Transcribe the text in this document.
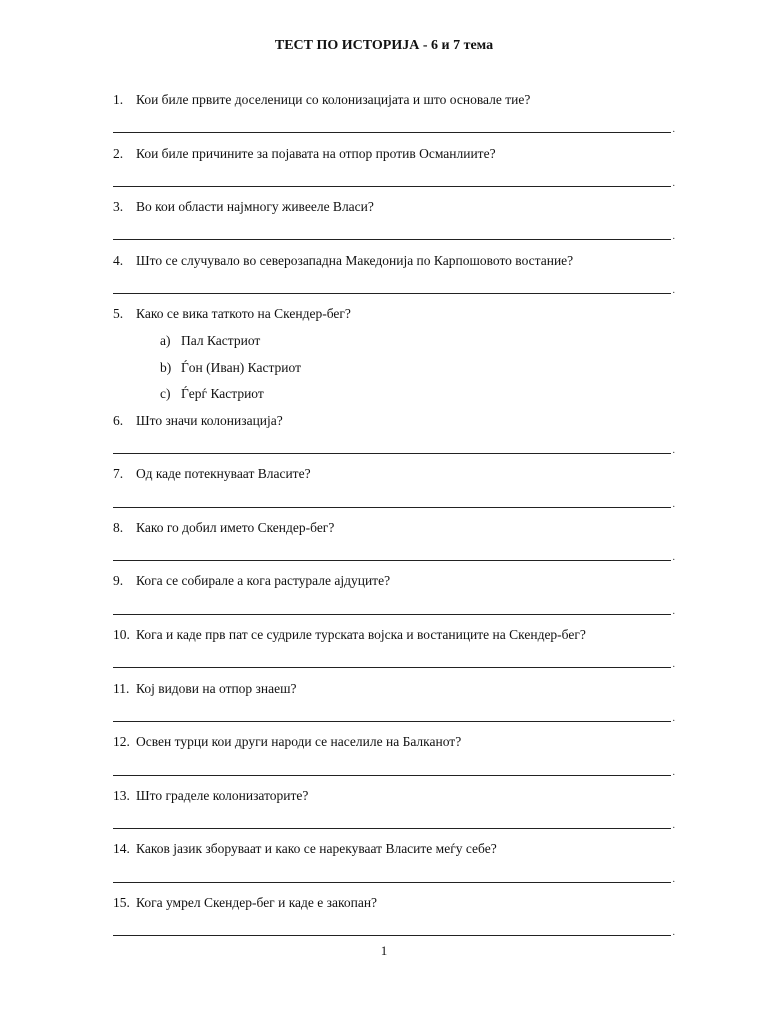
ТЕСТ ПО ИСТОРИЈА - 6 и 7 тема
1. Кои биле првите доселеници со колонизацијата и што основале тие?
.
2. Кои биле причините за појавата на отпор против Османлиите?
.
3. Во кои области најмногу живееле Власи?
.
4. Што се случувало во северозападна Македонија по Карпошовото востание?
.
5. Како се вика таткото на Скендер-бег?
a) Пал Кастриот
b) Ѓон (Иван) Кастриот
c) Ѓерѓ Кастриот
6. Што значи колонизација?
.
7. Од каде потекнуваат Власите?
.
8. Како го добил името Скендер-бег?
.
9. Кога се собирале а кога растурале ајдуците?
.
10. Кога и каде прв пат се судриле турската војска и востаниците на Скендер-бег?
.
11. Кој видови на отпор знаеш?
.
12. Освен турци кои други народи се населиле на Балканот?
.
13. Што граделе колонизаторите?
.
14. Каков јазик зборуваат и како се нарекуваат Власите меѓу себе?
.
15. Кога умрел Скендер-бег и каде е закопан?
.
1
